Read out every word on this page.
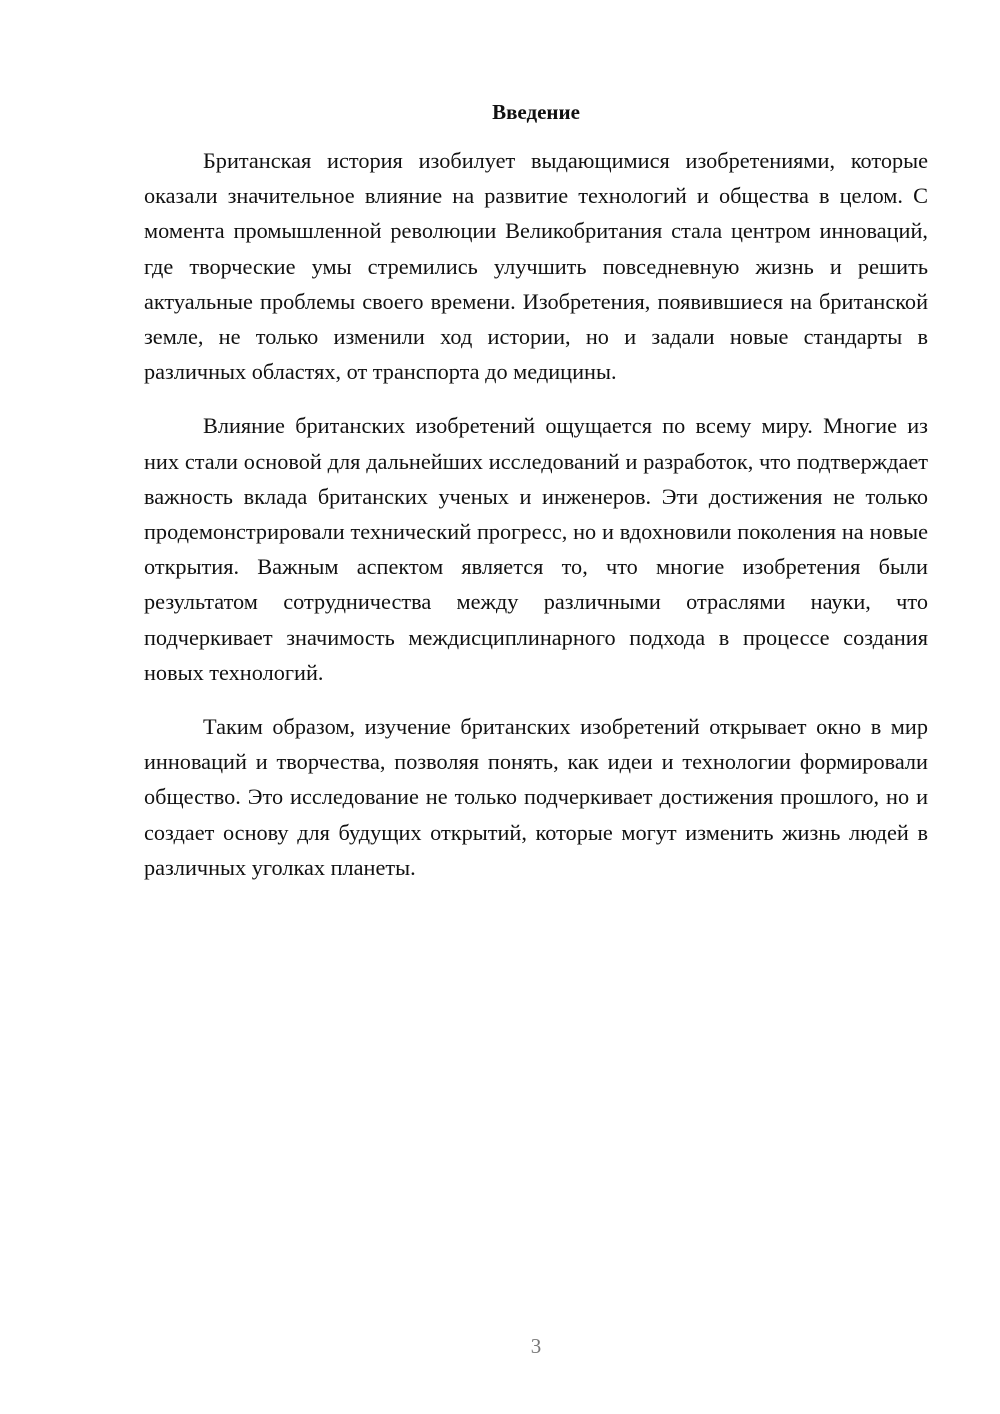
Введение

Британская история изобилует выдающимися изобретениями, которые оказали значительное влияние на развитие технологий и общества в целом. С момента промышленной революции Великобритания стала центром инноваций, где творческие умы стремились улучшить повседневную жизнь и решить актуальные проблемы своего времени. Изобретения, появившиеся на британской земле, не только изменили ход истории, но и задали новые стандарты в различных областях, от транспорта до медицины.

Влияние британских изобретений ощущается по всему миру. Многие из них стали основой для дальнейших исследований и разработок, что подтверждает важность вклада британских ученых и инженеров. Эти достижения не только продемонстрировали технический прогресс, но и вдохновили поколения на новые открытия. Важным аспектом является то, что многие изобретения были результатом сотрудничества между различными отраслями науки, что подчеркивает значимость междисциплинарного подхода в процессе создания новых технологий.

Таким образом, изучение британских изобретений открывает окно в мир инноваций и творчества, позволяя понять, как идеи и технологии формировали общество. Это исследование не только подчеркивает достижения прошлого, но и создает основу для будущих открытий, которые могут изменить жизнь людей в различных уголках планеты.

3
